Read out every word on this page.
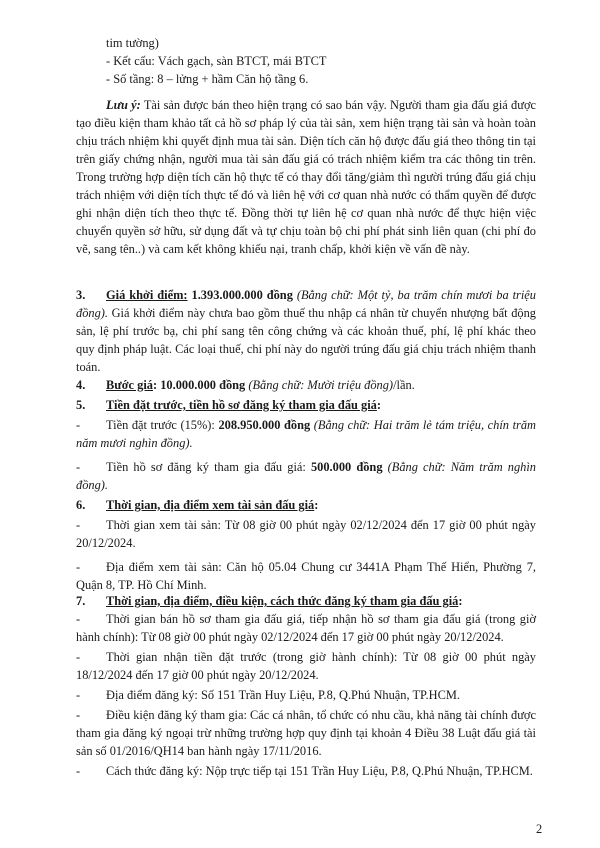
tim tường)

- Kết cấu: Vách gạch, sàn BTCT, mái BTCT

- Số tầng: 8 – lửng + hầm Căn hộ tầng 6.

Lưu ý: Tài sản được bán theo hiện trạng có sao bán vậy. Người tham gia đấu giá được tạo điều kiện tham khảo tất cả hồ sơ pháp lý của tài sản, xem hiện trạng tài sản và hoàn toàn chịu trách nhiệm khi quyết định mua tài sản. Diện tích căn hộ được đấu giá theo thông tin tại trên giấy chứng nhận, người mua tài sản đấu giá có trách nhiệm kiểm tra các thông tin trên. Trong trường hợp diện tích căn hộ thực tế có thay đổi tăng/giảm thì người trúng đấu giá chịu trách nhiệm với diện tích thực tế đó và liên hệ với cơ quan nhà nước có thẩm quyền để được ghi nhận diện tích theo thực tế. Đồng thời tự liên hệ cơ quan nhà nước để thực hiện việc chuyển quyền sở hữu, sử dụng đất và tự chịu toàn bộ chi phí phát sinh liên quan (chi phí đo vẽ, sang tên..) và cam kết không khiếu nại, tranh chấp, khởi kiện về vấn đề này.

3. Giá khởi điểm: 1.393.000.000 đồng (Bằng chữ: Một tỷ, ba trăm chín mươi ba triệu đồng). Giá khởi điểm này chưa bao gồm thuế thu nhập cá nhân từ chuyển nhượng bất động sản, lệ phí trước bạ, chi phí sang tên công chứng và các khoản thuế, phí, lệ phí khác theo quy định pháp luật. Các loại thuế, chi phí này do người trúng đấu giá chịu trách nhiệm thanh toán.

4. Bước giá: 10.000.000 đồng (Bằng chữ: Mười triệu đồng)/lần.

5. Tiền đặt trước, tiền hồ sơ đăng ký tham gia đấu giá:

- Tiền đặt trước (15%): 208.950.000 đồng (Bằng chữ: Hai trăm lẻ tám triệu, chín trăm năm mươi nghìn đồng).

- Tiền hồ sơ đăng ký tham gia đấu giá: 500.000 đồng (Bằng chữ: Năm trăm nghìn đồng).

6. Thời gian, địa điểm xem tài sản đấu giá:

- Thời gian xem tài sản: Từ 08 giờ 00 phút ngày 02/12/2024 đến 17 giờ 00 phút ngày 20/12/2024.

- Địa điểm xem tài sản: Căn hộ 05.04 Chung cư 3441A Phạm Thế Hiển, Phường 7, Quận 8, TP. Hồ Chí Minh.

7. Thời gian, địa điểm, điều kiện, cách thức đăng ký tham gia đấu giá:

- Thời gian bán hồ sơ tham gia đấu giá, tiếp nhận hồ sơ tham gia đấu giá (trong giờ hành chính): Từ 08 giờ 00 phút ngày 02/12/2024 đến 17 giờ 00 phút ngày 20/12/2024.

- Thời gian nhận tiền đặt trước (trong giờ hành chính): Từ 08 giờ 00 phút ngày 18/12/2024 đến 17 giờ 00 phút ngày 20/12/2024.

- Địa điểm đăng ký: Số 151 Trần Huy Liệu, P.8, Q.Phú Nhuận, TP.HCM.

- Điều kiện đăng ký tham gia: Các cá nhân, tổ chức có nhu cầu, khả năng tài chính được tham gia đăng ký ngoại trừ những trường hợp quy định tại khoản 4 Điều 38 Luật đấu giá tài sản số 01/2016/QH14 ban hành ngày 17/11/2016.

- Cách thức đăng ký: Nộp trực tiếp tại 151 Trần Huy Liệu, P.8, Q.Phú Nhuận, TP.HCM.

2
